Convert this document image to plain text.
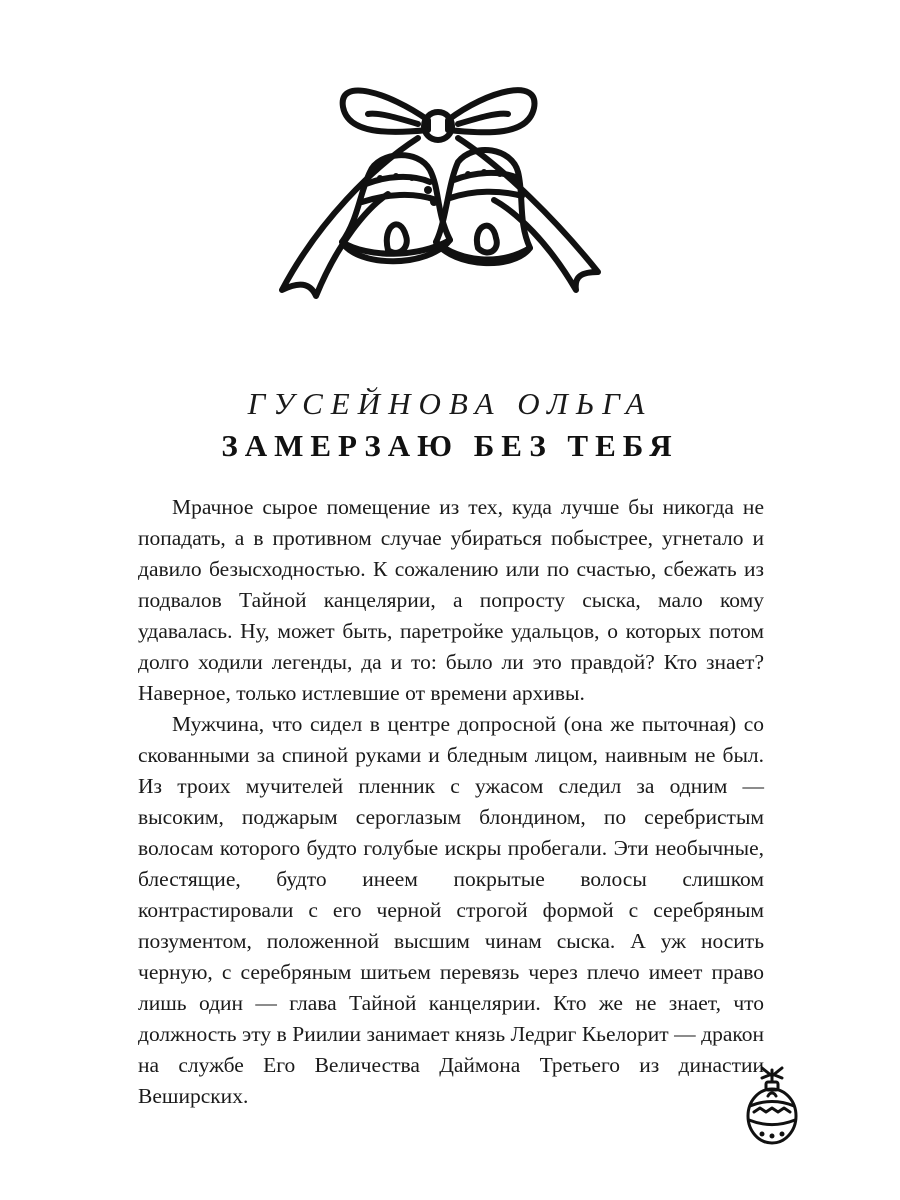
ГУСЕЙНОВА ОЛЬГА
ЗАМЕРЗАЮ БЕЗ ТЕБЯ

Мрачное сырое помещение из тех, куда лучше бы никогда не попадать, а в противном случае убираться побыстрее, угнетало и давило безысходностью. К сожалению или по счастью, сбежать из подвалов Тайной канцелярии, а попросту сыска, мало кому удавалась. Ну, может быть, паретройке удальцов, о которых потом долго ходили легенды, да и то: было ли это правдой? Кто знает? Наверное, только истлевшие от времени архивы.

Мужчина, что сидел в центре допросной (она же пыточная) со скованными за спиной руками и бледным лицом, наивным не был. Из троих мучителей пленник с ужасом следил за одним — высоким, поджарым сероглазым блондином, по серебристым волосам которого будто голубые искры пробегали. Эти необычные, блестящие, будто инеем покрытые волосы слишком контрастировали с его черной строгой формой с серебряным позументом, положенной высшим чинам сыска. А уж носить черную, с серебряным шитьем перевязь через плечо имеет право лишь один — глава Тайной канцелярии. Кто же не знает, что должность эту в Риилии занимает князь Ледриг Кьелорит — дракон на службе Его Величества Даймона Третьего из династии Веширских.
